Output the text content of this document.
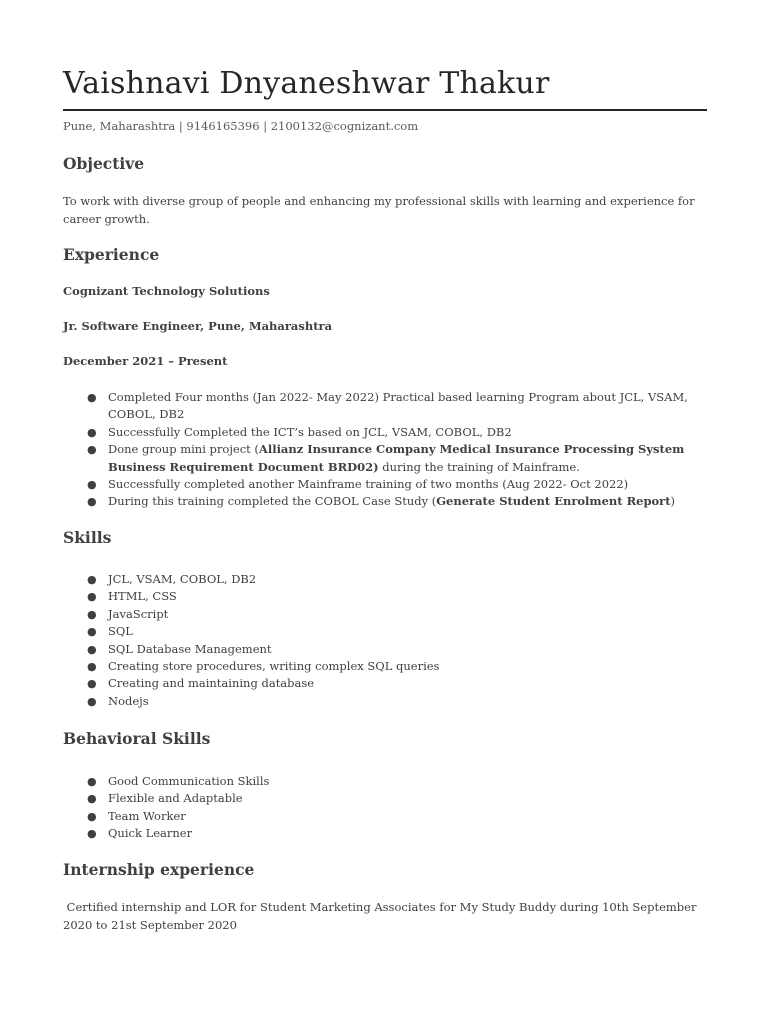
Vaishnavi Dnyaneshwar Thakur
Pune, Maharashtra | 9146165396 | 2100132@cognizant.com
Objective

To work with diverse group of people and enhancing my professional skills with learning and experience for career growth.

Experience

Cognizant Technology Solutions

Jr. Software Engineer, Pune, Maharashtra

December 2021 – Present

● Completed Four months (Jan 2022- May 2022) Practical based learning Program about JCL, VSAM, COBOL, DB2
● Successfully Completed the ICT’s based on JCL, VSAM, COBOL, DB2
● Done group mini project (Allianz Insurance Company Medical Insurance Processing System Business Requirement Document BRD02) during the training of Mainframe.
● Successfully completed another Mainframe training of two months (Aug 2022- Oct 2022)
● During this training completed the COBOL Case Study (Generate Student Enrolment Report)
Skills
● JCL, VSAM, COBOL, DB2
● HTML, CSS
● JavaScript
● SQL
● SQL Database Management
● Creating store procedures, writing complex SQL queries
● Creating and maintaining database
● Nodejs
Behavioral Skills
● Good Communication Skills
● Flexible and Adaptable
● Team Worker
● Quick Learner
Internship experience

Certified internship and LOR for Student Marketing Associates for My Study Buddy during 10th September 2020 to 21st September 2020
